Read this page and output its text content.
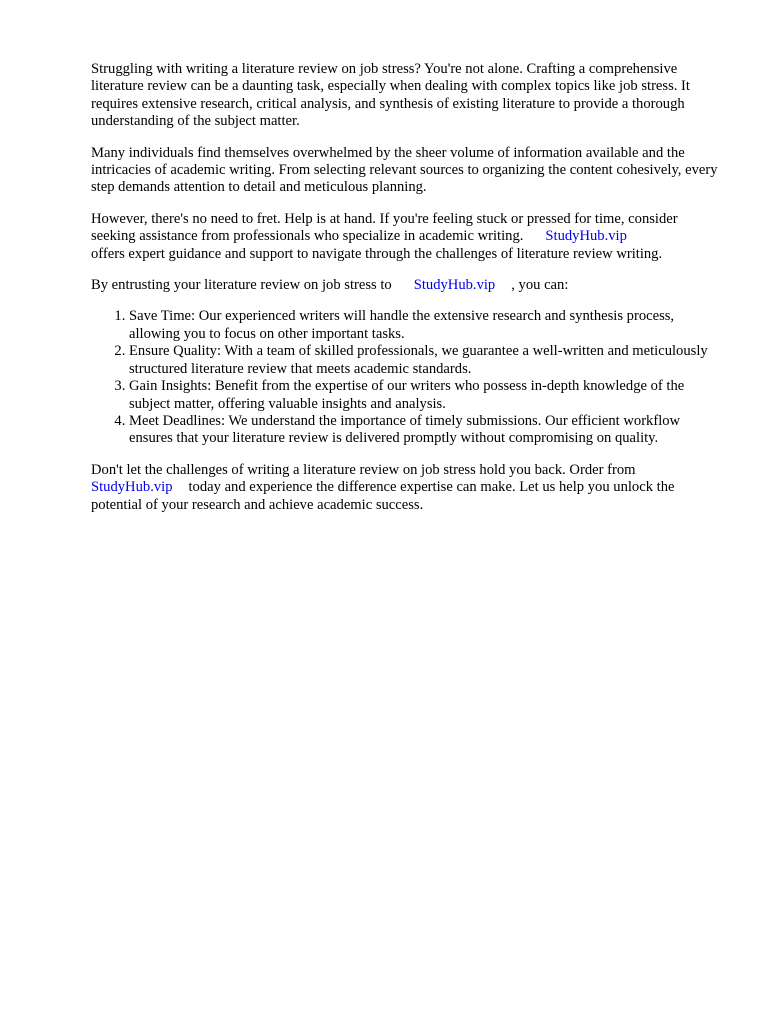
Struggling with writing a literature review on job stress? You're not alone. Crafting a comprehensive literature review can be a daunting task, especially when dealing with complex topics like job stress. It requires extensive research, critical analysis, and synthesis of existing literature to provide a thorough understanding of the subject matter.

Many individuals find themselves overwhelmed by the sheer volume of information available and the intricacies of academic writing. From selecting relevant sources to organizing the content cohesively, every step demands attention to detail and meticulous planning.

However, there's no need to fret. Help is at hand. If you're feeling stuck or pressed for time, consider seeking assistance from professionals who specialize in academic writing. StudyHub.vip
offers expert guidance and support to navigate through the challenges of literature review writing.

By entrusting your literature review on job stress to StudyHub.vip , you can:

1. Save Time: Our experienced writers will handle the extensive research and synthesis process, allowing you to focus on other important tasks.
2. Ensure Quality: With a team of skilled professionals, we guarantee a well-written and meticulously structured literature review that meets academic standards.
3. Gain Insights: Benefit from the expertise of our writers who possess in-depth knowledge of the subject matter, offering valuable insights and analysis.
4. Meet Deadlines: We understand the importance of timely submissions. Our efficient workflow ensures that your literature review is delivered promptly without compromising on quality.

Don't let the challenges of writing a literature review on job stress hold you back. Order from
StudyHub.vip today and experience the difference expertise can make. Let us help you unlock the potential of your research and achieve academic success.
